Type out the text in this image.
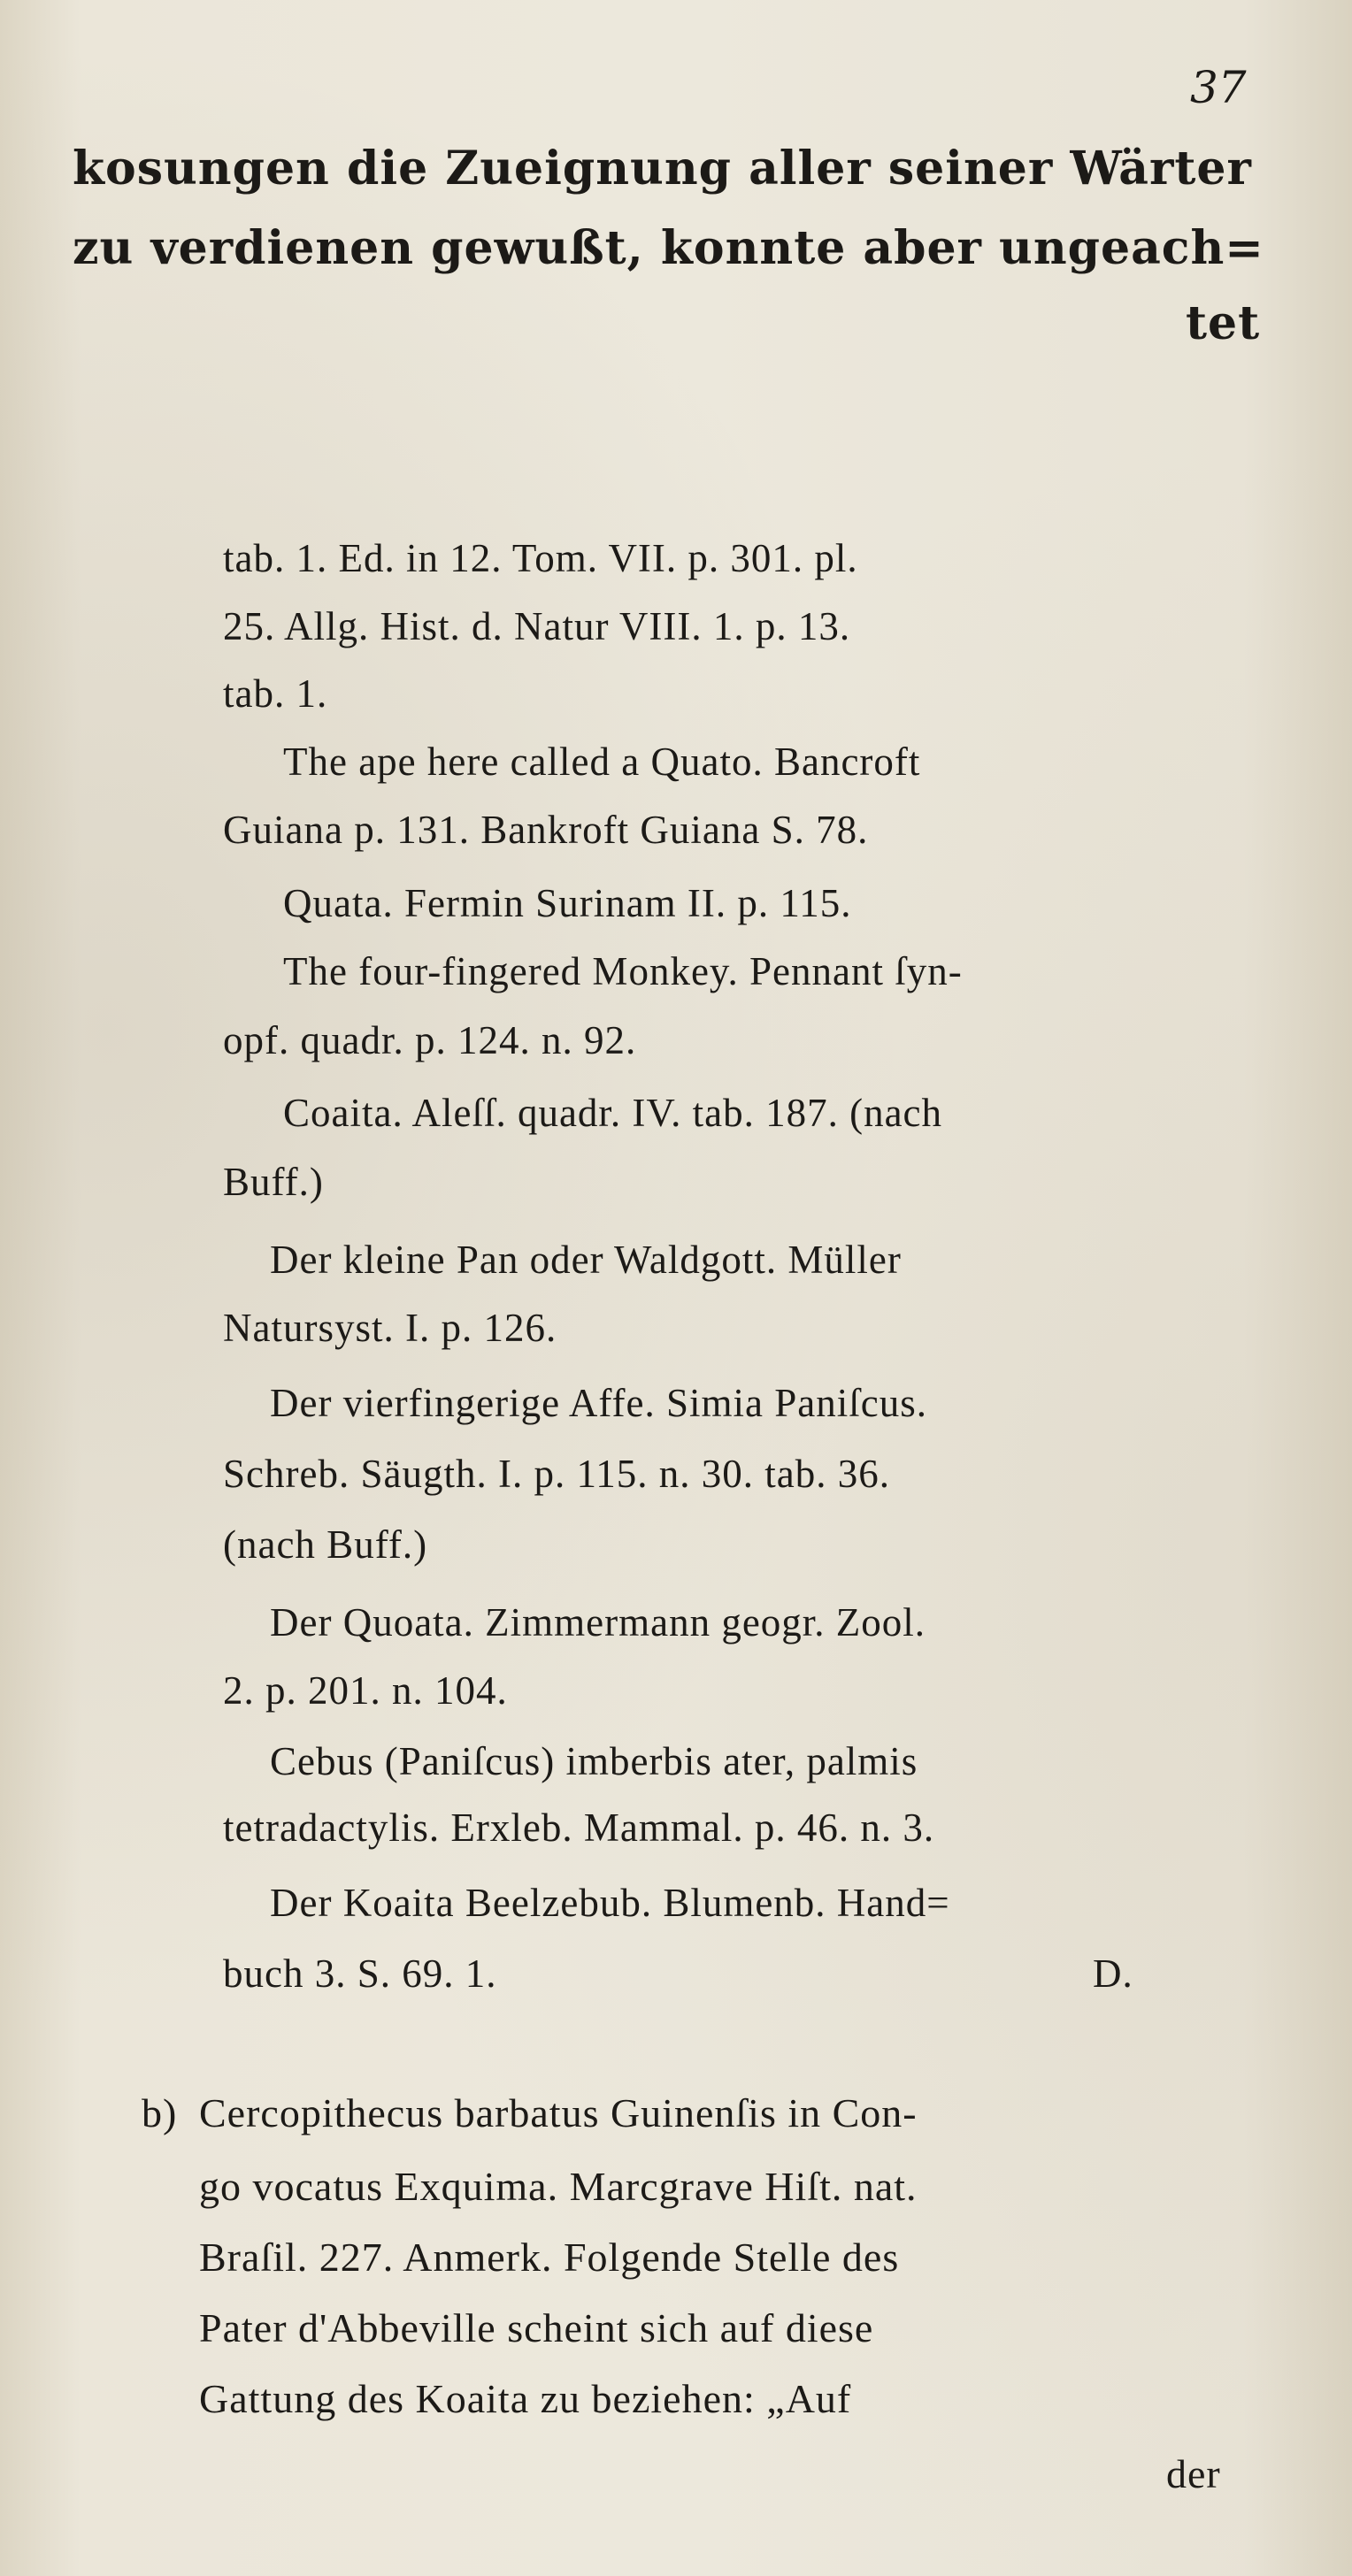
37
kosungen die Zueignung aller seiner Wärter
zu verdienen gewußt, konnte aber ungeach=
tet
tab. 1. Ed. in 12. Tom. VII. p. 301. pl.
25. Allg. Hist. d. Natur VIII. 1. p. 13.
tab. 1.
The ape here called a Quato. Bancroft
Guiana p. 131. Bankroft Guiana S. 78.
Quata. Fermin Surinam II. p. 115.
The four-fingered Monkey. Pennant ſyn-
opf. quadr. p. 124. n. 92.
Coaita. Aleſſ. quadr. IV. tab. 187. (nach
Buff.)
Der kleine Pan oder Waldgott. Müller
Natursyst. I. p. 126.
Der vierfingerige Affe. Simia Paniſcus.
Schreb. Säugth. I. p. 115. n. 30. tab. 36.
(nach Buff.)
Der Quoata. Zimmermann geogr. Zool.
2. p. 201. n. 104.
Cebus (Paniſcus) imberbis ater, palmis
tetradactylis. Erxleb. Mammal. p. 46. n. 3.
Der Koaita Beelzebub. Blumenb. Hand=
buch 3. S. 69. 1.	D.
b) Cercopithecus barbatus Guinenſis in Con-
go vocatus Exquima. Marcgrave Hiſt. nat.
Braſil. 227. Anmerk. Folgende Stelle des
Pater d'Abbeville scheint sich auf diese
Gattung des Koaita zu beziehen: „Auf
der
